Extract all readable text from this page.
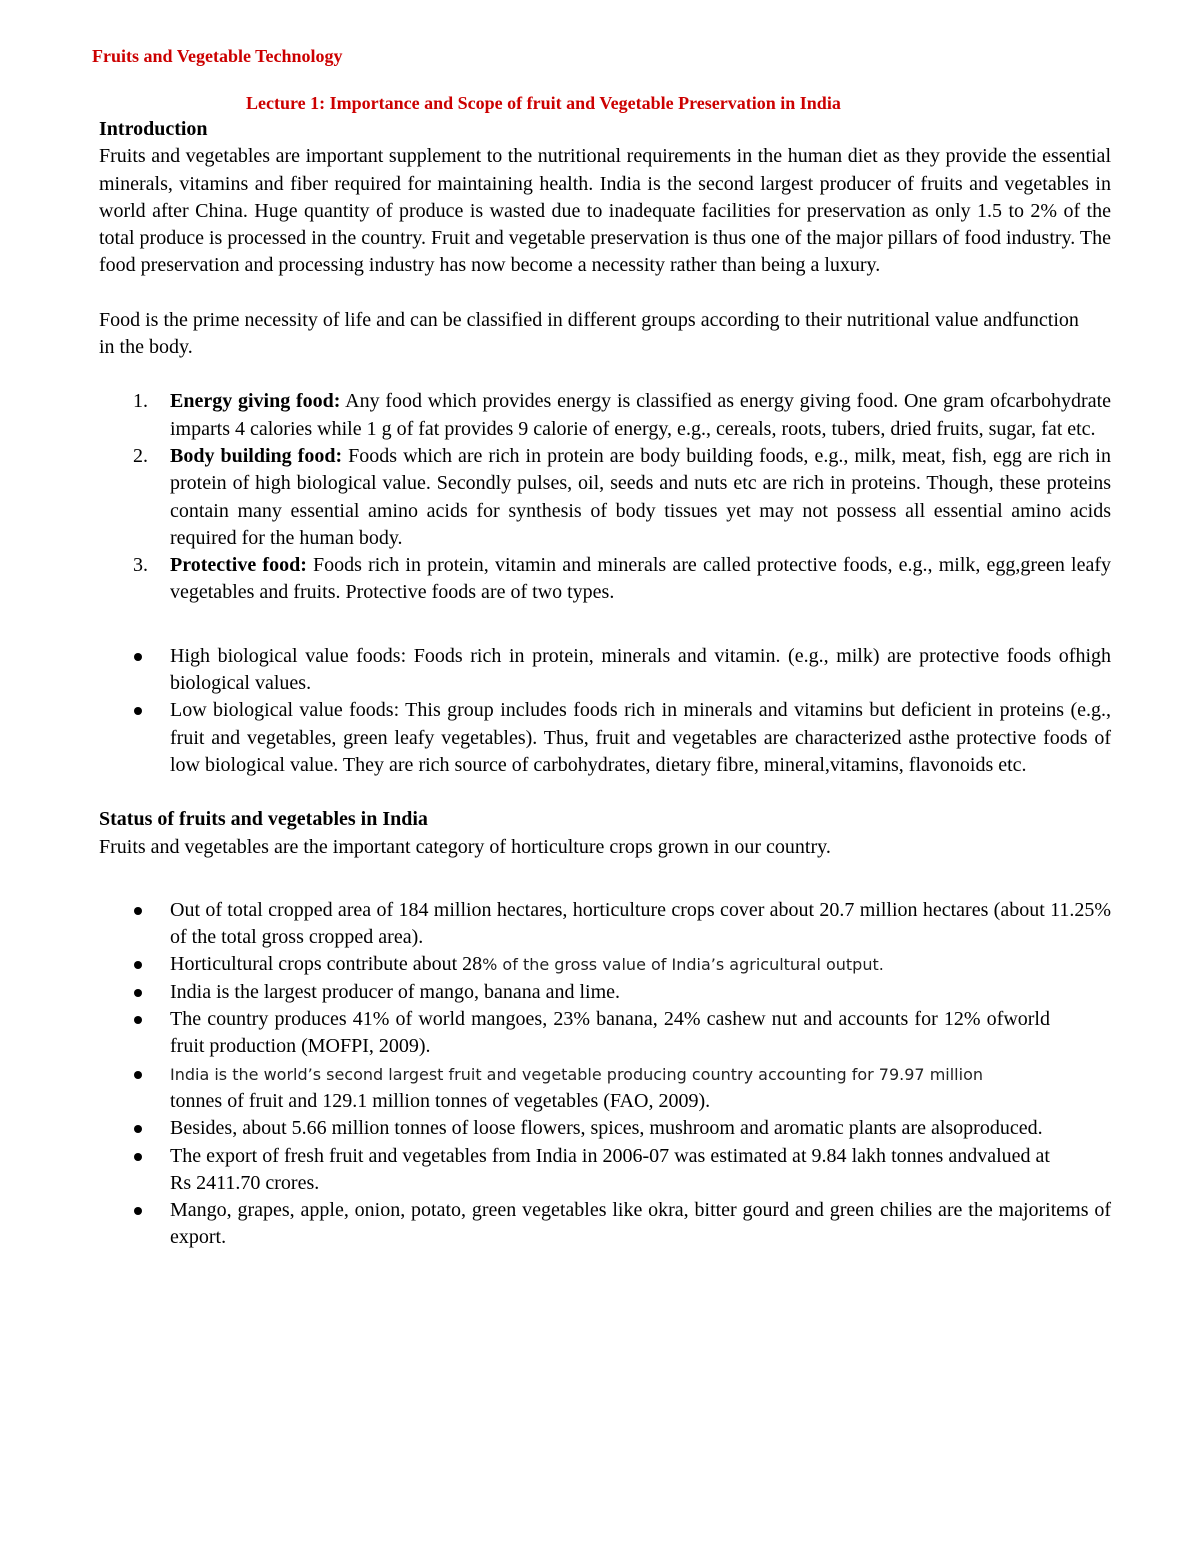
Fruits and Vegetable Technology
Lecture 1: Importance and Scope of fruit and Vegetable Preservation in India

Introduction

Fruits and vegetables are important supplement to the nutritional requirements in the human diet as they provide the essential minerals, vitamins and fiber required for maintaining health. India is the second largest producer of fruits and vegetables in world after China. Huge quantity of produce is wasted due to inadequate facilities for preservation as only 1.5 to 2% of the total produce is processed in the country. Fruit and vegetable preservation is thus one of the major pillars of food industry. The food preservation and processing industry has now become a necessity rather than being a luxury.

Food is the prime necessity of life and can be classified in different groups according to their nutritional value andfunction in the body.

1. Energy giving food: Any food which provides energy is classified as energy giving food. One gram ofcarbohydrate imparts 4 calories while 1 g of fat provides 9 calorie of energy, e.g., cereals, roots, tubers, dried fruits, sugar, fat etc.
2. Body building food: Foods which are rich in protein are body building foods, e.g., milk, meat, fish, egg are rich in protein of high biological value. Secondly pulses, oil, seeds and nuts etc are rich in proteins. Though, these proteins contain many essential amino acids for synthesis of body tissues yet may not possess all essential amino acids required for the human body.
3. Protective food: Foods rich in protein, vitamin and minerals are called protective foods, e.g., milk, egg,green leafy vegetables and fruits. Protective foods are of two types.
High biological value foods: Foods rich in protein, minerals and vitamin. (e.g., milk) are protective foods ofhigh biological values.
Low biological value foods: This group includes foods rich in minerals and vitamins but deficient in proteins (e.g., fruit and vegetables, green leafy vegetables). Thus, fruit and vegetables are characterized asthe protective foods of low biological value. They are rich source of carbohydrates, dietary fibre, mineral,vitamins, flavonoids etc.

Status of fruits and vegetables in India

Fruits and vegetables are the important category of horticulture crops grown in our country.

Out of total cropped area of 184 million hectares, horticulture crops cover about 20.7 million hectares (about 11.25% of the total gross cropped area).
Horticultural crops contribute about 28% of the gross value of India’s agricultural output.
India is the largest producer of mango, banana and lime.
The country produces 41% of world mangoes, 23% banana, 24% cashew nut and accounts for 12% ofworld fruit production (MOFPI, 2009).
India is the world’s second largest fruit and vegetable producing country accounting for 79.97 million
tonnes of fruit and 129.1 million tonnes of vegetables (FAO, 2009).
Besides, about 5.66 million tonnes of loose flowers, spices, mushroom and aromatic plants are alsoproduced.
The export of fresh fruit and vegetables from India in 2006-07 was estimated at 9.84 lakh tonnes andvalued at Rs 2411.70 crores.
Mango, grapes, apple, onion, potato, green vegetables like okra, bitter gourd and green chilies are the majoritems of export.
